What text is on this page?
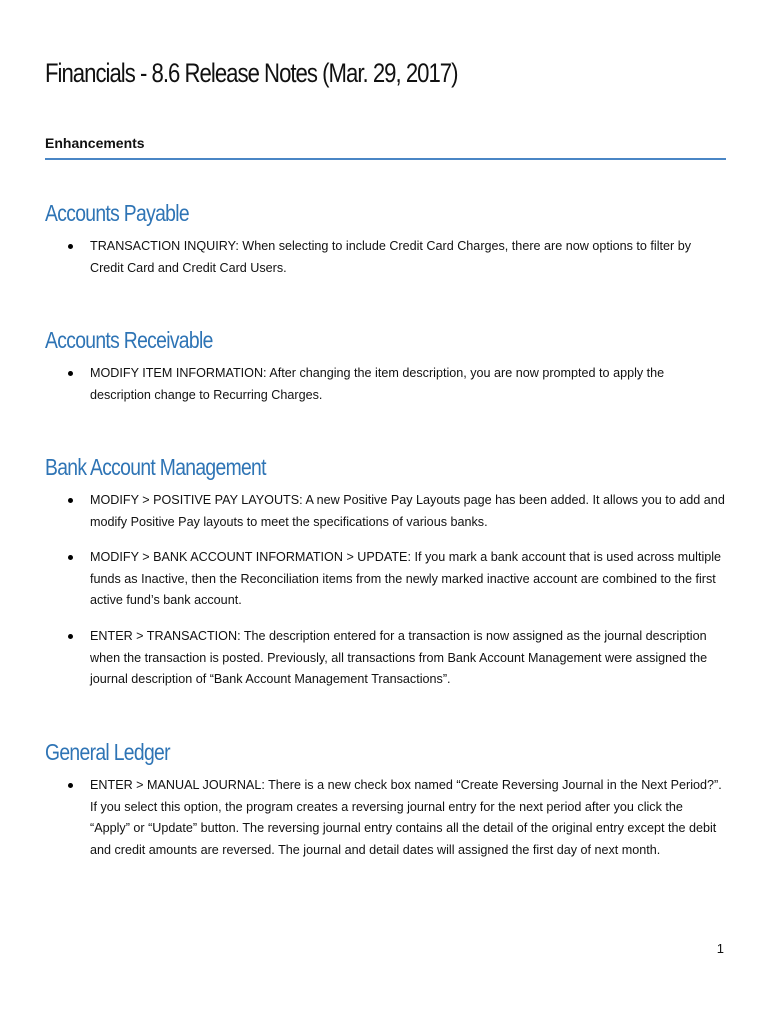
Financials - 8.6 Release Notes (Mar. 29, 2017)
Enhancements
Accounts Payable
TRANSACTION INQUIRY: When selecting to include Credit Card Charges, there are now options to filter by Credit Card and Credit Card Users.
Accounts Receivable
MODIFY ITEM INFORMATION: After changing the item description, you are now prompted to apply the description change to Recurring Charges.
Bank Account Management
MODIFY > POSITIVE PAY LAYOUTS: A new Positive Pay Layouts page has been added. It allows you to add and modify Positive Pay layouts to meet the specifications of various banks.
MODIFY > BANK ACCOUNT INFORMATION > UPDATE: If you mark a bank account that is used across multiple funds as Inactive, then the Reconciliation items from the newly marked inactive account are combined to the first active fund’s bank account.
ENTER > TRANSACTION: The description entered for a transaction is now assigned as the journal description when the transaction is posted. Previously, all transactions from Bank Account Management were assigned the journal description of “Bank Account Management Transactions”.
General Ledger
ENTER > MANUAL JOURNAL: There is a new check box named “Create Reversing Journal in the Next Period?”. If you select this option, the program creates a reversing journal entry for the next period after you click the “Apply” or “Update” button. The reversing journal entry contains all the detail of the original entry except the debit and credit amounts are reversed. The journal and detail dates will assigned the first day of next month.
1
